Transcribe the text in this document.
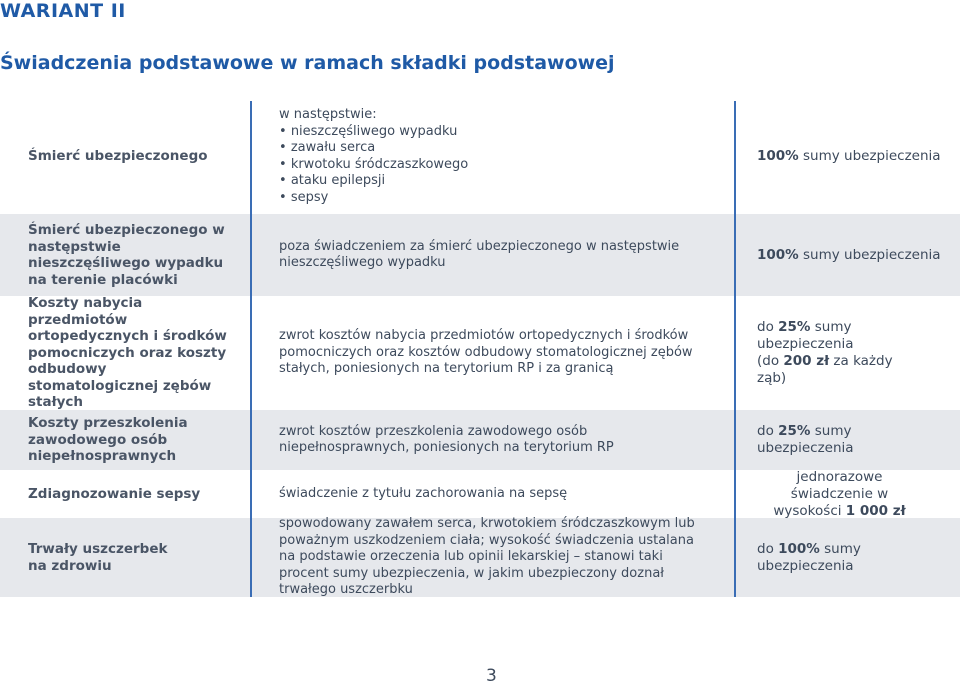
WARIANT II
Świadczenia podstawowe w ramach składki podstawowej
Śmierć ubezpieczonego
w następstwie:
• nieszczęśliwego wypadku
• zawału serca
• krwotoku śródczaszkowego
• ataku epilepsji
• sepsy
100% sumy ubezpieczenia
Śmierć ubezpieczonego w następstwie nieszczęśliwego wypadku na terenie placówki
poza świadczeniem za śmierć ubezpieczonego w następstwie nieszczęśliwego wypadku	100% sumy ubezpieczenia
Koszty nabycia przedmiotów ortopedycznych i środków pomocniczych oraz koszty odbudowy stomatologicznej zębów stałych
zwrot kosztów nabycia przedmiotów ortopedycznych i środków pomocniczych oraz kosztów odbudowy stomatologicznej zębów stałych, poniesionych na terytorium RP i za granicą
do 25% sumy ubezpieczenia
(do 200 zł za każdy ząb)
Koszty przeszkolenia zawodowego osób niepełnosprawnych
zwrot kosztów przeszkolenia zawodowego osób niepełnosprawnych, poniesionych na terytorium RP
do 25% sumy ubezpieczenia
Zdiagnozowanie sepsy	świadczenie z tytułu zachorowania na sepsę
jednorazowe świadczenie w wysokości 1 000 zł
Trwały uszczerbek na zdrowiu
spowodowany zawałem serca, krwotokiem śródczaszkowym lub poważnym uszkodzeniem ciała; wysokość świadczenia ustalana na podstawie orzeczenia lub opinii lekarskiej – stanowi taki procent sumy ubezpieczenia, w jakim ubezpieczony doznał trwałego uszczerbku
do 100% sumy ubezpieczenia
3
